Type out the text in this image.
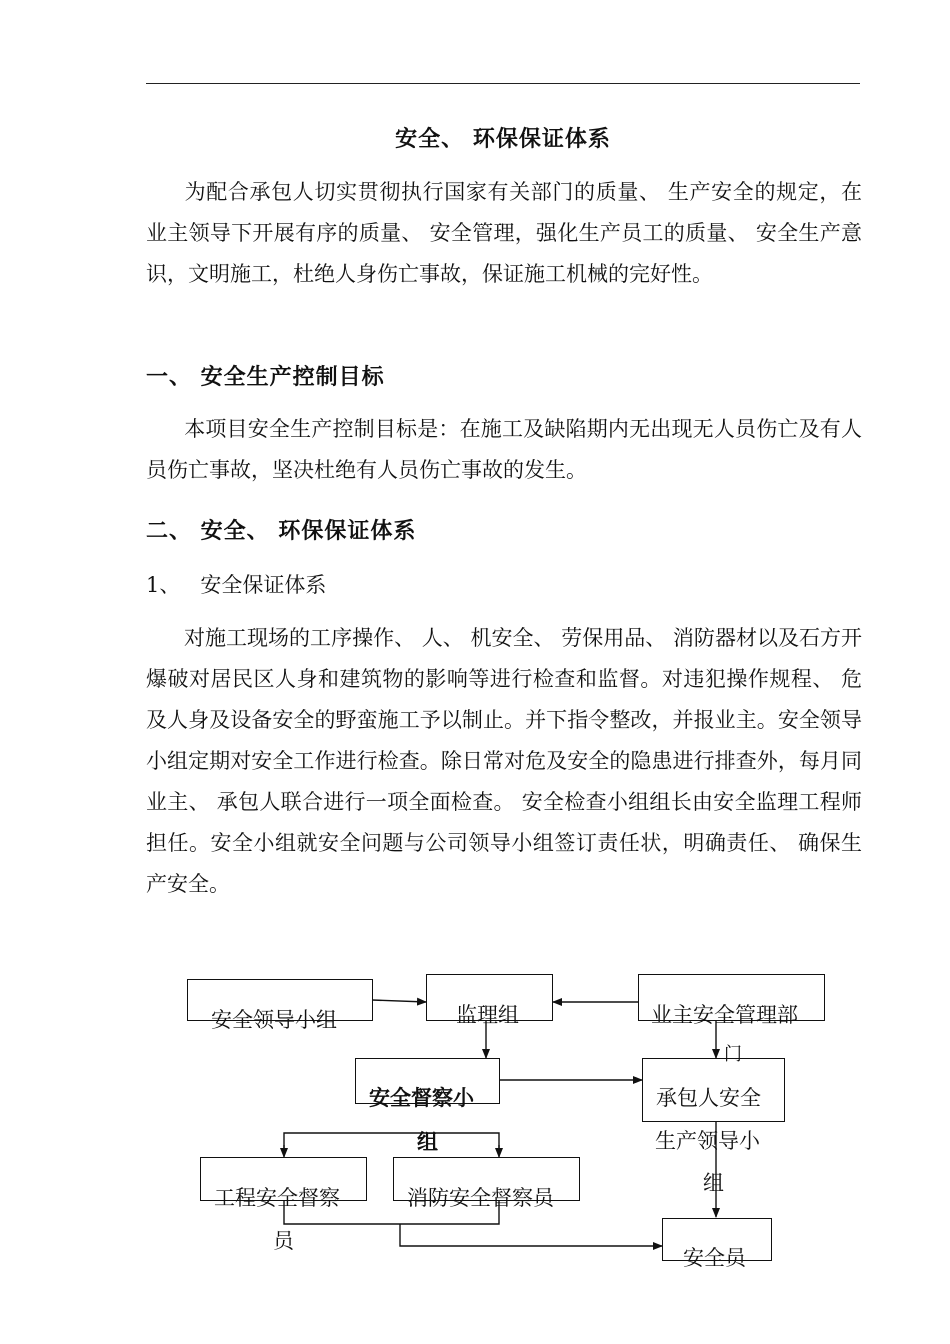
安全、 环保保证体系

为配合承包人切实贯彻执行国家有关部门的质量、 生产安全的规定，在业主领导下开展有序的质量、 安全管理，强化生产员工的质量、 安全生产意识，文明施工，杜绝人身伤亡事故，保证施工机械的完好性。

一、 安全生产控制目标

本项目安全生产控制目标是：在施工及缺陷期内无出现无人员伤亡及有人员伤亡事故，坚决杜绝有人员伤亡事故的发生。

二、 安全、 环保保证体系

1、 安全保证体系

对施工现场的工序操作、 人、 机安全、 劳保用品、 消防器材以及石方开爆破对居民区人身和建筑物的影响等进行检查和监督。对违犯操作规程、 危及人身及设备安全的野蛮施工予以制止。并下指令整改，并报业主。安全领导小组定期对安全工作进行检查。除日常对危及安全的隐患进行排查外，每月同业主、 承包人联合进行一项全面检查。 安全检查小组组长由安全监理工程师担任。安全小组就安全问题与公司领导小组签订责任状，明确责任、 确保生产安全。

安全领导小组	监理组	业主安全管理部
门
安全督察小
组
承包人安全
生产领导小
组
工程安全督察
员
消防安全督察员
安全员
